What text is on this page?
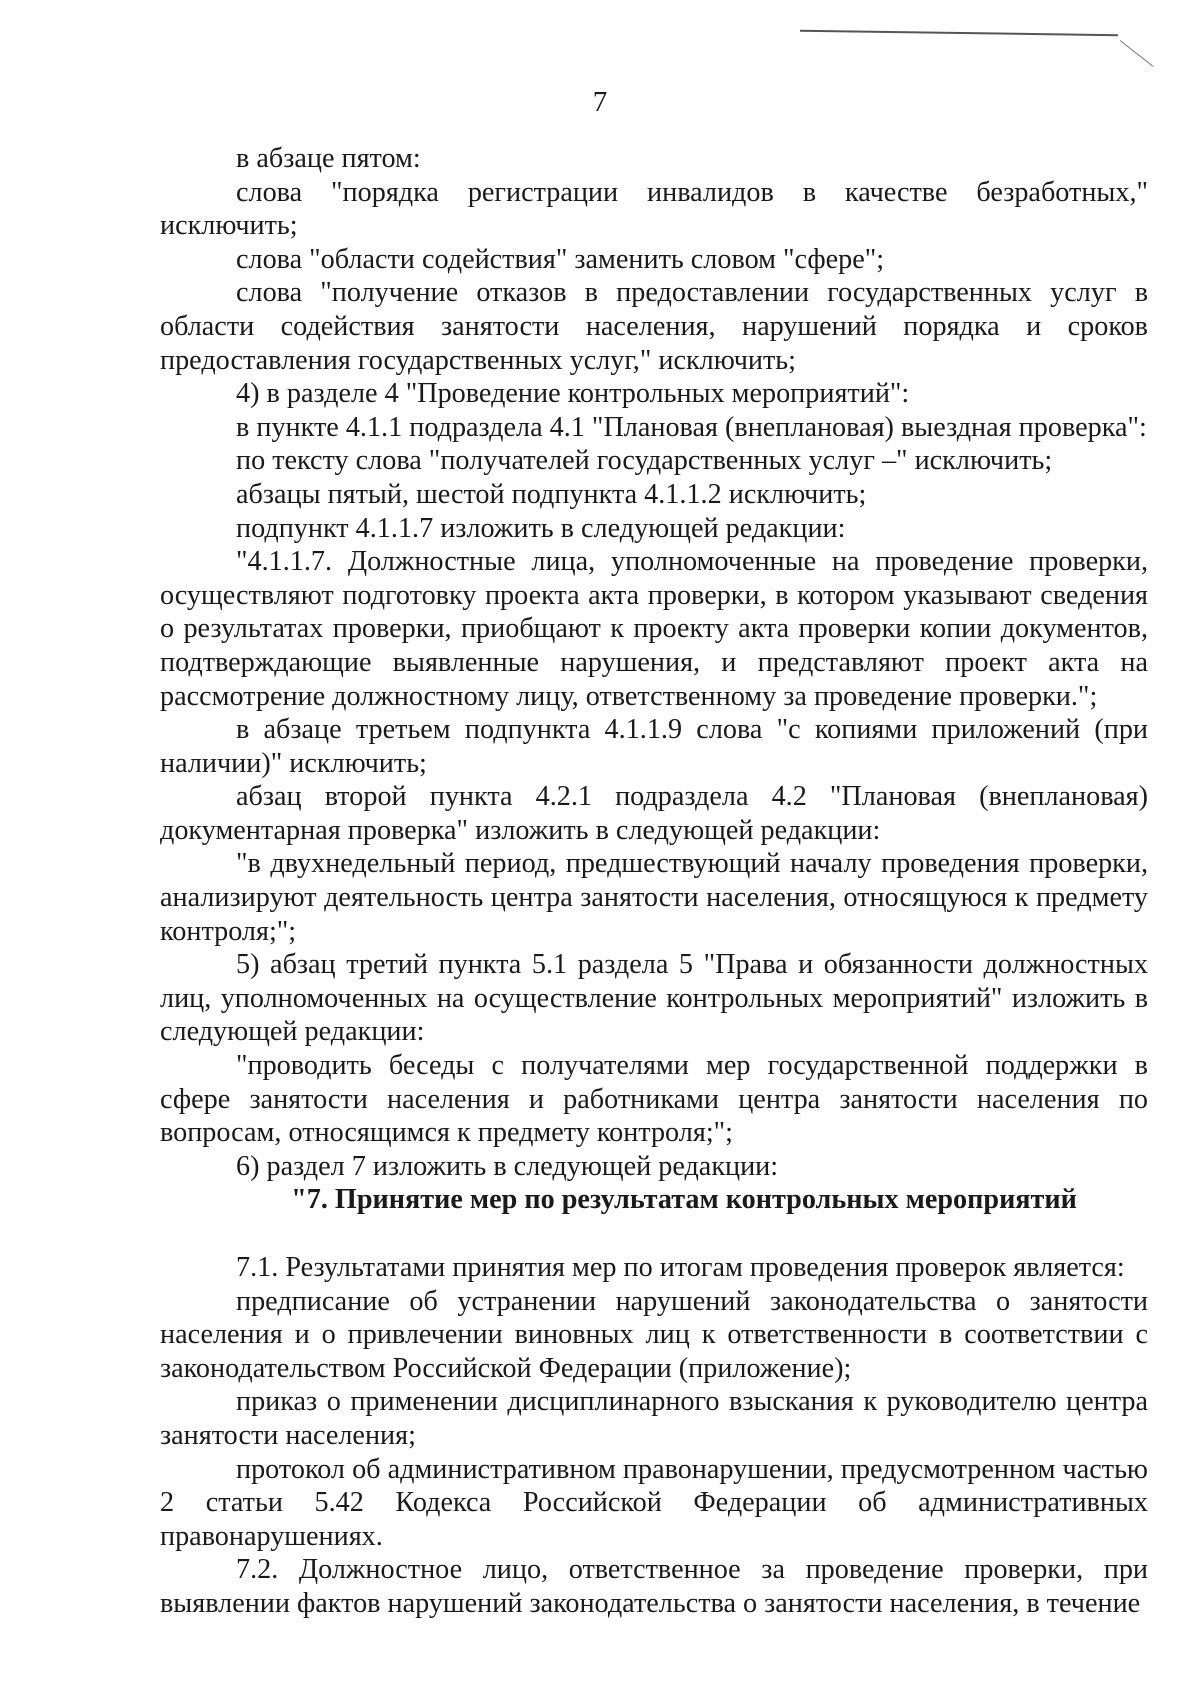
7

в абзаце пятом:

слова "порядка регистрации инвалидов в качестве безработных," исключить;

слова "области содействия" заменить словом "сфере";

слова "получение отказов в предоставлении государственных услуг в области содействия занятости населения, нарушений порядка и сроков предоставления государственных услуг," исключить;

4) в разделе 4 "Проведение контрольных мероприятий":

в пункте 4.1.1 подраздела 4.1 "Плановая (внеплановая) выездная проверка":

по тексту слова "получателей государственных услуг –" исключить;

абзацы пятый, шестой подпункта 4.1.1.2 исключить;

подпункт 4.1.1.7 изложить в следующей редакции:

"4.1.1.7. Должностные лица, уполномоченные на проведение проверки, осуществляют подготовку проекта акта проверки, в котором указывают сведения о результатах проверки, приобщают к проекту акта проверки копии документов, подтверждающие выявленные нарушения, и представляют проект акта на рассмотрение должностному лицу, ответственному за проведение проверки.";

в абзаце третьем подпункта 4.1.1.9 слова "с копиями приложений (при наличии)" исключить;

абзац второй пункта 4.2.1 подраздела 4.2 "Плановая (внеплановая) документарная проверка" изложить в следующей редакции:

"в двухнедельный период, предшествующий началу проведения проверки, анализируют деятельность центра занятости населения, относящуюся к предмету контроля;";

5) абзац третий пункта 5.1 раздела 5 "Права и обязанности должностных лиц, уполномоченных на осуществление контрольных мероприятий" изложить в следующей редакции:

"проводить беседы с получателями мер государственной поддержки в сфере занятости населения и работниками центра занятости населения по вопросам, относящимся к предмету контроля;";

6) раздел 7 изложить в следующей редакции:

"7. Принятие мер по результатам контрольных мероприятий

7.1. Результатами принятия мер по итогам проведения проверок является:

предписание об устранении нарушений законодательства о занятости населения и о привлечении виновных лиц к ответственности в соответствии с законодательством Российской Федерации (приложение);

приказ о применении дисциплинарного взыскания к руководителю центра занятости населения;

протокол об административном правонарушении, предусмотренном частью 2 статьи 5.42 Кодекса Российской Федерации об административных правонарушениях.

7.2. Должностное лицо, ответственное за проведение проверки, при выявлении фактов нарушений законодательства о занятости населения, в течение
